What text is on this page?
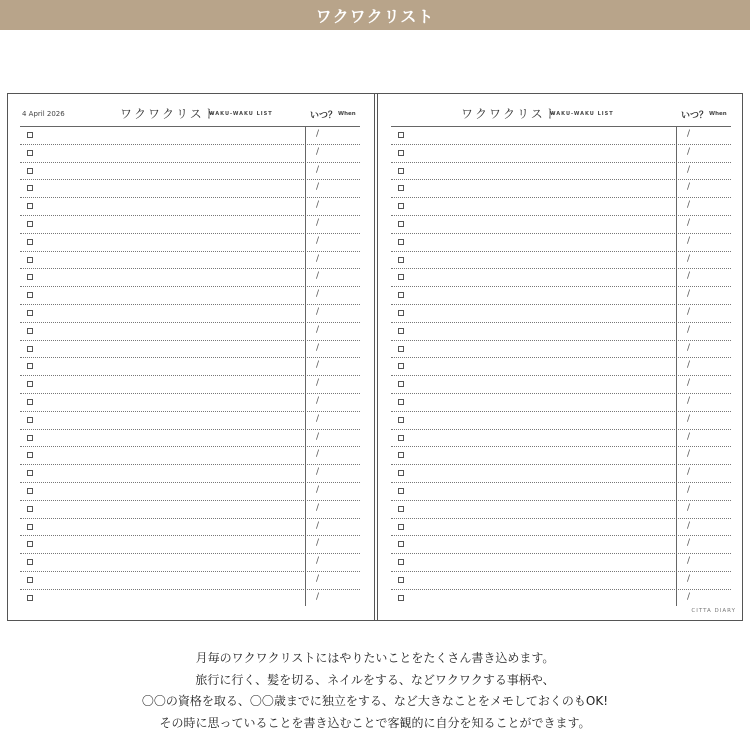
ワクワクリスト
4 April 2026	ワクワクリスト
WAKU-WAKU LIST	いつ？ When
/
/
/
/
/
/
/
/
/
/
/
/
/
/
/
/
/
/
/
/
/
/
/
/
/
/
/
ワクワクリスト
WAKU-WAKU LIST	いつ？ When
/
/
/
/
/
/
/
/
/
/
/
/
/
/
/
/
/
/
/
/
/
/
/
/
/
/
/
CITTA DIARY
月毎のワクワクリストにはやりたいことをたくさん書き込めます。
旅行に行く、髪を切る、ネイルをする、などワクワクする事柄や、
〇〇の資格を取る、〇〇歳までに独立をする、など大きなことをメモしておくのもOK!
その時に思っていることを書き込むことで客観的に自分を知ることができます。
